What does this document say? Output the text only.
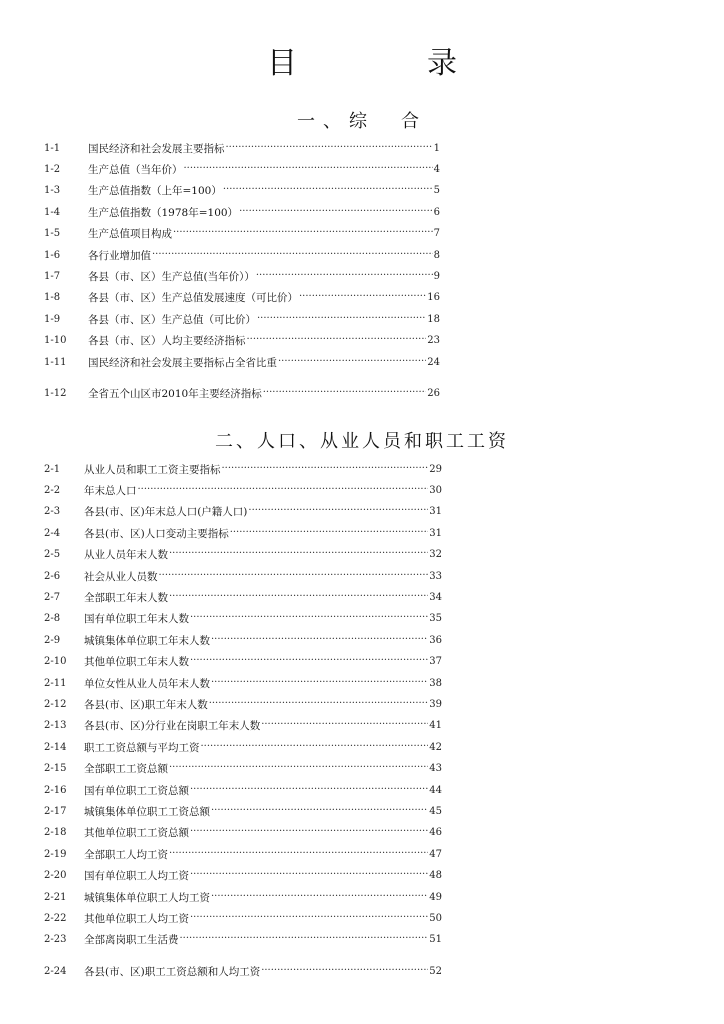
目　录
一、综　合
1-1	国民经济和社会发展主要指标 ·····	1
1-2	生产总值（当年价） ·····	4
1-3	生产总值指数（上年=100） ·····	5
1-4	生产总值指数（1978年=100） ·····	6
1-5	生产总值项目构成 ·····	7
1-6	各行业增加值 ·····	8
1-7	各县（市、区）生产总值(当年价）） ·····	9
1-8	各县（市、区）生产总值发展速度（可比价） ·····	16
1-9	各县（市、区）生产总值（可比价） ·····	18
1-10	各县（市、区）人均主要经济指标 ·····	23
1-11	国民经济和社会发展主要指标占全省比重 ·····	24
1-12	全省五个山区市2010年主要经济指标 ·····	26
二、人口、从业人员和职工工资
2-1	从业人员和职工工资主要指标 ·····	29
2-2	年末总人口 ·····	30
2-3	各县(市、区)年末总人口(户籍人口) ·····	31
2-4	各县(市、区)人口变动主要指标 ·····	31
2-5	从业人员年末人数 ·····	32
2-6	社会从业人员数 ·····	33
2-7	全部职工年末人数 ·····	34
2-8	国有单位职工年末人数 ·····	35
2-9	城镇集体单位职工年末人数 ·····	36
2-10	其他单位职工年末人数 ·····	37
2-11	单位女性从业人员年末人数 ·····	38
2-12	各县(市、区)职工年末人数 ·····	39
2-13	各县(市、区)分行业在岗职工年末人数 ·····	41
2-14	职工工资总额与平均工资 ·····	42
2-15	全部职工工资总额 ·····	43
2-16	国有单位职工工资总额 ·····	44
2-17	城镇集体单位职工工资总额 ·····	45
2-18	其他单位职工工资总额 ·····	46
2-19	全部职工人均工资 ·····	47
2-20	国有单位职工人均工资 ·····	48
2-21	城镇集体单位职工人均工资 ·····	49
2-22	其他单位职工人均工资 ·····	50
2-23	全部离岗职工生活费 ·····	51
2-24	各县(市、区)职工工资总额和人均工资 ·····	52
